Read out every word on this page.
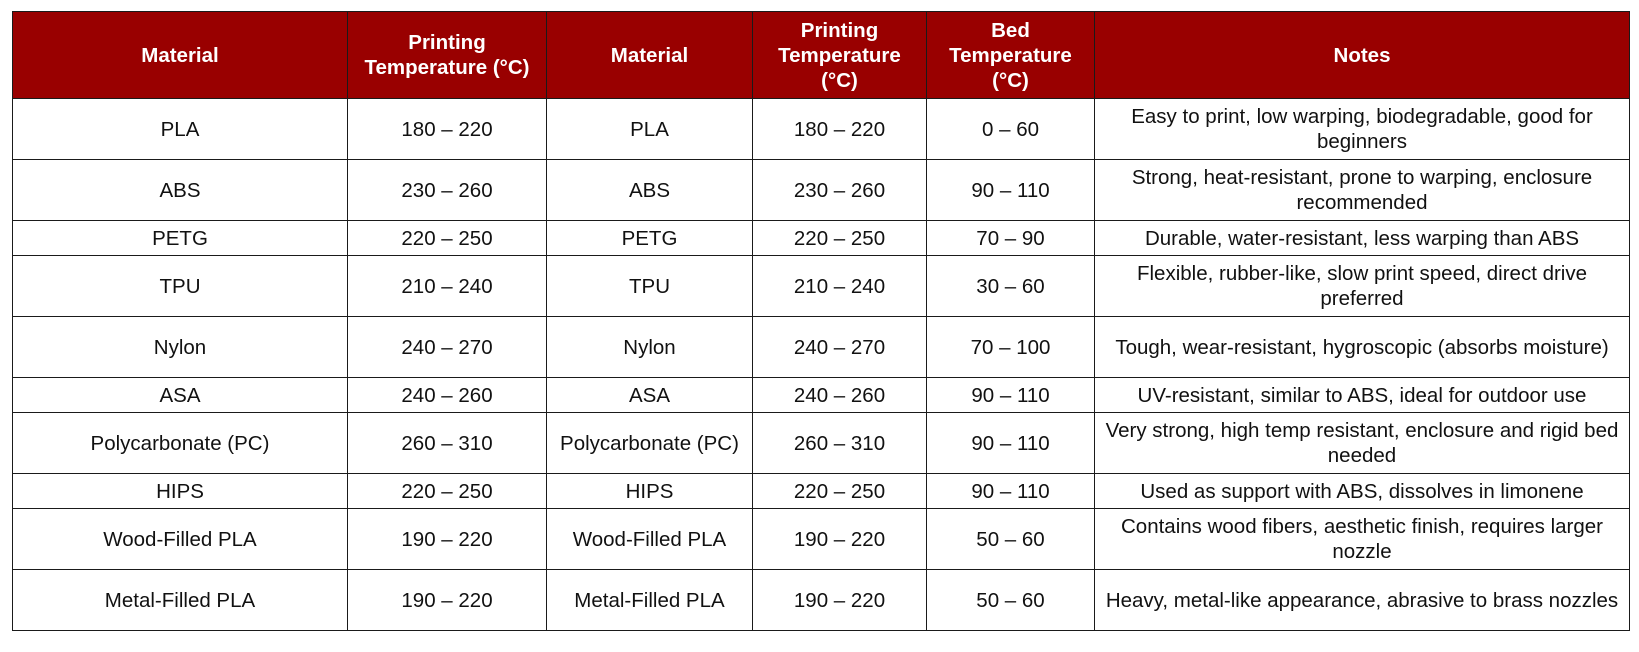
Material	Printing Temperature (°C)	Material	Printing Temperature (°C)	Bed Temperature (°C)	Notes
PLA	180 – 220	PLA	180 – 220	0 – 60	Easy to print, low warping, biodegradable, good for beginners
ABS	230 – 260	ABS	230 – 260	90 – 110	Strong, heat-resistant, prone to warping, enclosure recommended
PETG	220 – 250	PETG	220 – 250	70 – 90	Durable, water-resistant, less warping than ABS
TPU	210 – 240	TPU	210 – 240	30 – 60	Flexible, rubber-like, slow print speed, direct drive preferred
Nylon	240 – 270	Nylon	240 – 270	70 – 100	Tough, wear-resistant, hygroscopic (absorbs moisture)
ASA	240 – 260	ASA	240 – 260	90 – 110	UV-resistant, similar to ABS, ideal for outdoor use
Polycarbonate (PC)	260 – 310	Polycarbonate (PC)	260 – 310	90 – 110	Very strong, high temp resistant, enclosure and rigid bed needed
HIPS	220 – 250	HIPS	220 – 250	90 – 110	Used as support with ABS, dissolves in limonene
Wood-Filled PLA	190 – 220	Wood-Filled PLA	190 – 220	50 – 60	Contains wood fibers, aesthetic finish, requires larger nozzle
Metal-Filled PLA	190 – 220	Metal-Filled PLA	190 – 220	50 – 60	Heavy, metal-like appearance, abrasive to brass nozzles
